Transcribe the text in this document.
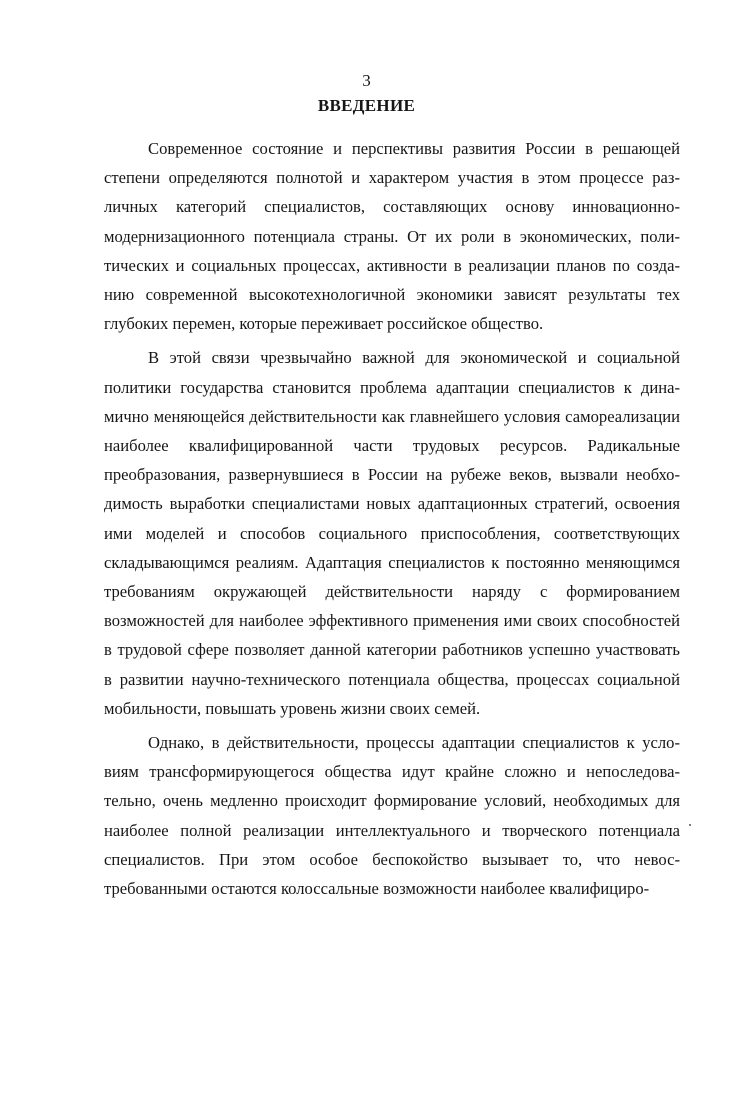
3
ВВЕДЕНИЕ

Современное состояние и перспективы развития России в решающей степени определяются полнотой и характером участия в этом процессе различных категорий специалистов, составляющих основу инновационно-модернизационного потенциала страны. От их роли в экономических, политических и социальных процессах, активности в реализации планов по созданию современной высокотехнологичной экономики зависят результаты тех глубоких перемен, которые переживает российское общество.

В этой связи чрезвычайно важной для экономической и социальной политики государства становится проблема адаптации специалистов к динамично меняющейся действительности как главнейшего условия самореализации наиболее квалифицированной части трудовых ресурсов. Радикальные преобразования, развернувшиеся в России на рубеже веков, вызвали необходимость выработки специалистами новых адаптационных стратегий, освоения ими моделей и способов социального приспособления, соответствующих складывающимся реалиям. Адаптация специалистов к постоянно меняющимся требованиям окружающей действительности наряду с формированием возможностей для наиболее эффективного применения ими своих способностей в трудовой сфере позволяет данной категории работников успешно участвовать в развитии научно-технического потенциала общества, процессах социальной мобильности, повышать уровень жизни своих семей.

Однако, в действительности, процессы адаптации специалистов к условиям трансформирующегося общества идут крайне сложно и непоследовательно, очень медленно происходит формирование условий, необходимых для наиболее полной реализации интеллектуального и творческого потенциала специалистов. При этом особое беспокойство вызывает то, что невостребованными остаются колоссальные возможности наиболее квалифициро-
